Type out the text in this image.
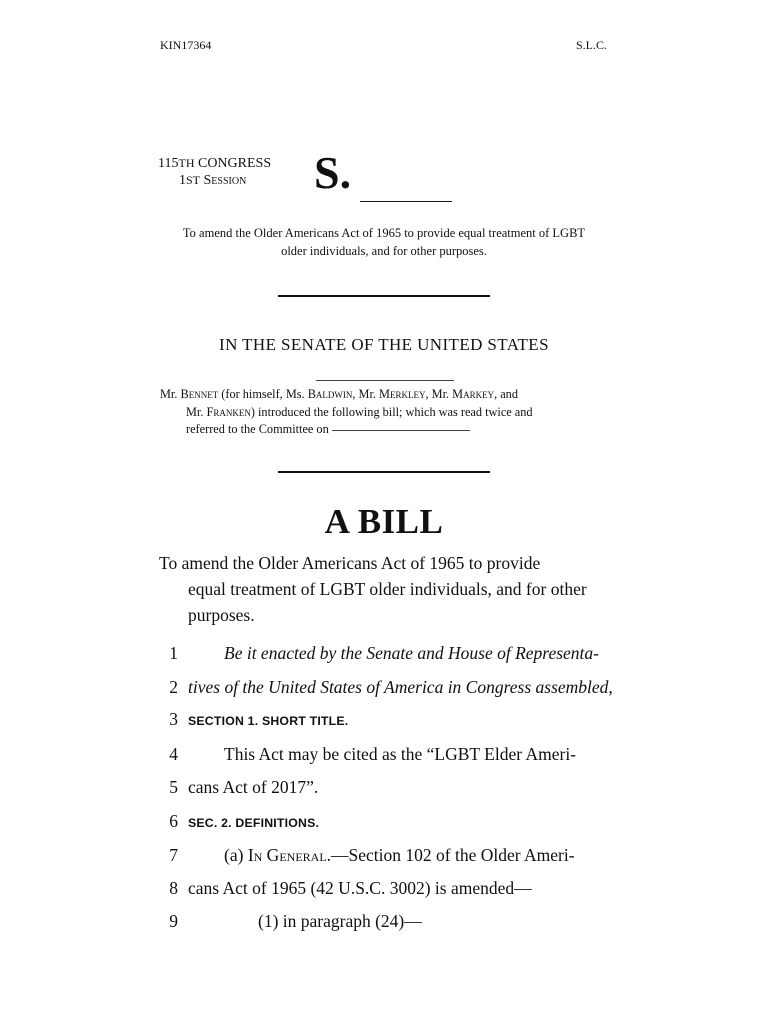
KIN17364	S.L.C.
115TH CONGRESS
1ST Session	S.
To amend the Older Americans Act of 1965 to provide equal treatment of LGBT older individuals, and for other purposes.
IN THE SENATE OF THE UNITED STATES
Mr. Bennet (for himself, Ms. Baldwin, Mr. Merkley, Mr. Markey, and
Mr. Franken) introduced the following bill; which was read twice and
referred to the Committee on
A BILL
To amend the Older Americans Act of 1965 to provide
equal treatment of LGBT older individuals, and for other
purposes.
1	Be it enacted by the Senate and House of Representa-
2 tives of the United States of America in Congress assembled,
3 SECTION 1. SHORT TITLE.
4	This Act may be cited as the “LGBT Elder Ameri-
5 cans Act of 2017”.
6 SEC. 2. DEFINITIONS.
7	(a) In General.—Section 102 of the Older Ameri-
8 cans Act of 1965 (42 U.S.C. 3002) is amended—
9	(1) in paragraph (24)—
